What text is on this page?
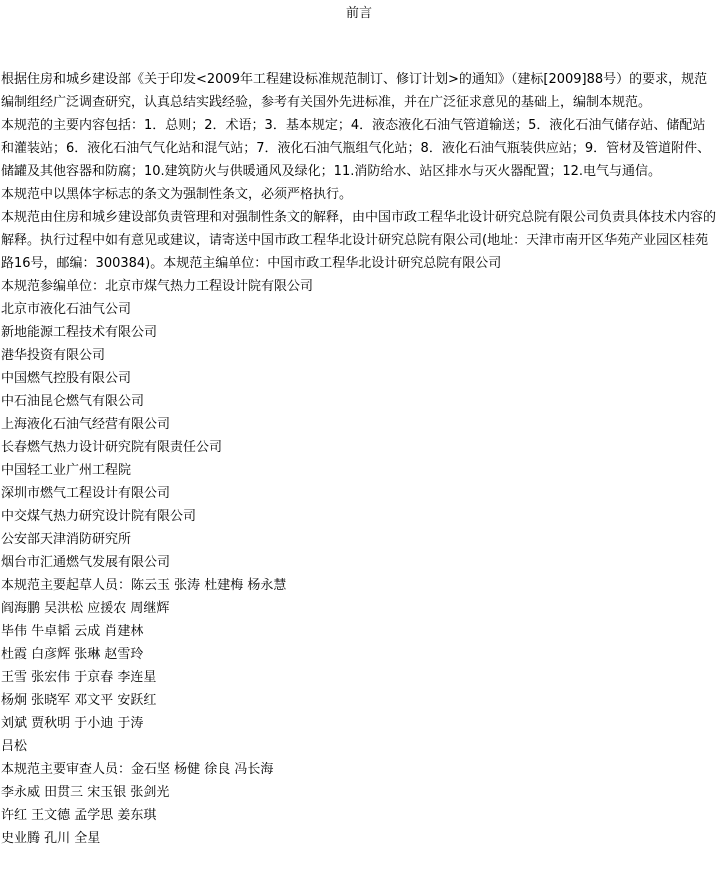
前言

根据住房和城乡建设部《关于印发<2009年工程建设标准规范制订、修订计划>的通知》（建标[2009]88号）的要求，规范编制组经广泛调查研究，认真总结实践经验，参考有关国外先进标准，并在广泛征求意见的基础上，编制本规范。

本规范的主要内容包括：1．总则；2．术语；3．基本规定；4．液态液化石油气管道输送；5．液化石油气储存站、储配站和灌装站；6．液化石油气气化站和混气站；7．液化石油气瓶组气化站；8．液化石油气瓶装供应站；9．管材及管道附件、储罐及其他容器和防腐；10.建筑防火与供暖通风及绿化；11.消防给水、站区排水与灭火器配置；12.电气与通信。

本规范中以黑体字标志的条文为强制性条文，必须严格执行。

本规范由住房和城乡建设部负责管理和对强制性条文的解释，由中国市政工程华北设计研究总院有限公司负责具体技术内容的解释。执行过程中如有意见或建议，请寄送中国市政工程华北设计研究总院有限公司(地址：天津市南开区华苑产业园区桂苑路16号，邮编：300384)。本规范主编单位：中国市政工程华北设计研究总院有限公司

本规范参编单位：北京市煤气热力工程设计院有限公司
北京市液化石油气公司
新地能源工程技术有限公司
港华投资有限公司
中国燃气控股有限公司
中石油昆仑燃气有限公司
上海液化石油气经营有限公司
长春燃气热力设计研究院有限责任公司
中国轻工业广州工程院
深圳市燃气工程设计有限公司
中交煤气热力研究设计院有限公司
公安部天津消防研究所
烟台市汇通燃气发展有限公司
本规范主要起草人员：陈云玉 张涛 杜建梅 杨永慧
阎海鹏 吴洪松 应援农 周继辉
毕伟 牛卓韬 云成 肖建林
杜霞 白彦辉 张琳 赵雪玲
王雪 张宏伟 于京春 李连星
杨炯 张晓军 邓文平 安跃红
刘斌 贾秋明 于小迪 于涛
吕松
本规范主要审查人员：金石坚 杨健 徐良 冯长海
李永威 田贯三 宋玉银 张剑光
许红 王文德 孟学思 姜东琪
史业腾 孔川 全星
